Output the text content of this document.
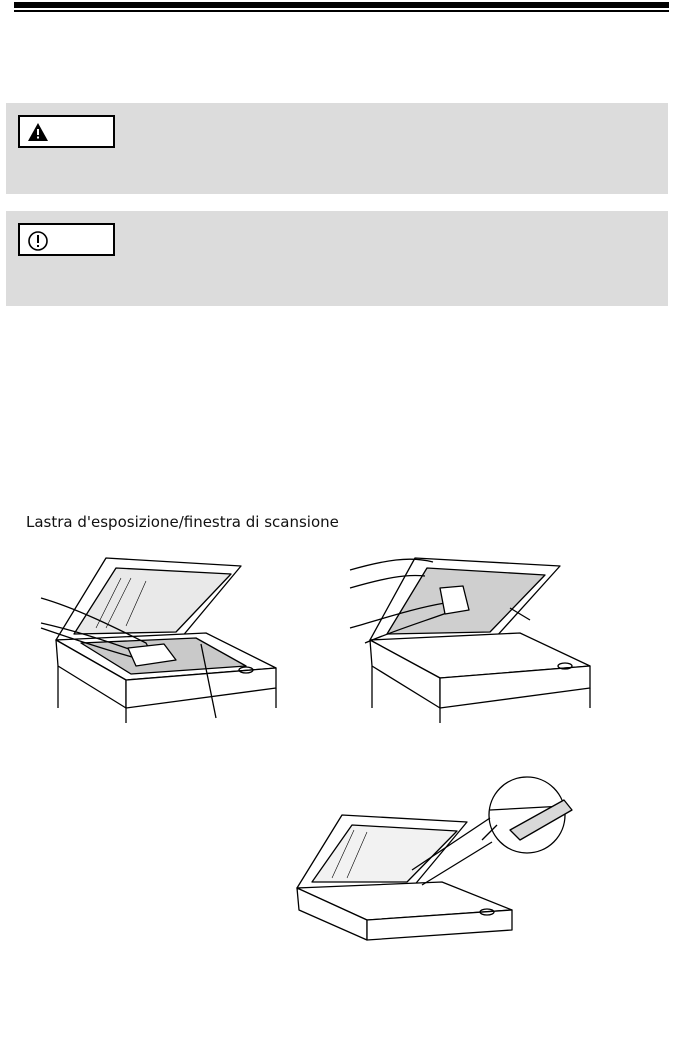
Lastra d'esposizione/finestra di scansione
